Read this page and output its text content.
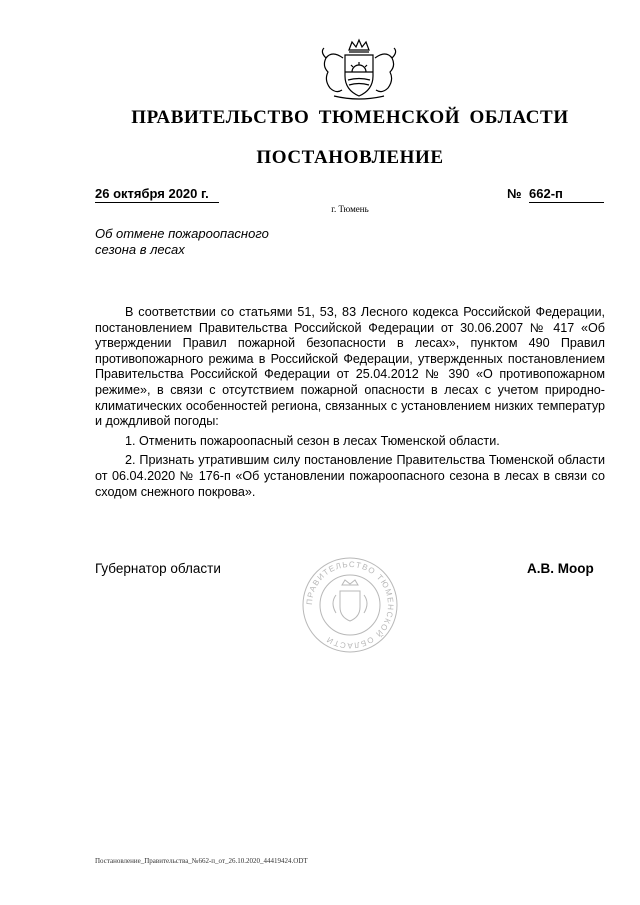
ПРАВИТЕЛЬСТВО ТЮМЕНСКОЙ ОБЛАСТИ
ПОСТАНОВЛЕНИЕ
26 октября 2020 г.	№ 662-п
г. Тюмень
Об отмене пожароопасного
сезона в лесах

В соответствии со статьями 51, 53, 83 Лесного кодекса Российской Федерации, постановлением Правительства Российской Федерации от 30.06.2007 № 417 «Об утверждении Правил пожарной безопасности в лесах», пунктом 490 Правил противопожарного режима в Российской Федерации, утвержденных постановлением Правительства Российской Федерации от 25.04.2012 № 390 «О противопожарном режиме», в связи с отсутствием пожарной опасности в лесах с учетом природно-климатических особенностей региона, связанных с установлением низких температур и дождливой погоды:

1. Отменить пожароопасный сезон в лесах Тюменской области.

2. Признать утратившим силу постановление Правительства Тюменской области от 06.04.2020 № 176-п «Об установлении пожароопасного сезона в лесах в связи со сходом снежного покрова».

Губернатор области
ПРАВИТЕЛЬСТВО ТЮМЕНСКОЙ ОБЛАСТИ
А.В. Моор
Постановление_Правительства_№662-п_от_26.10.2020_44419424.ODT
